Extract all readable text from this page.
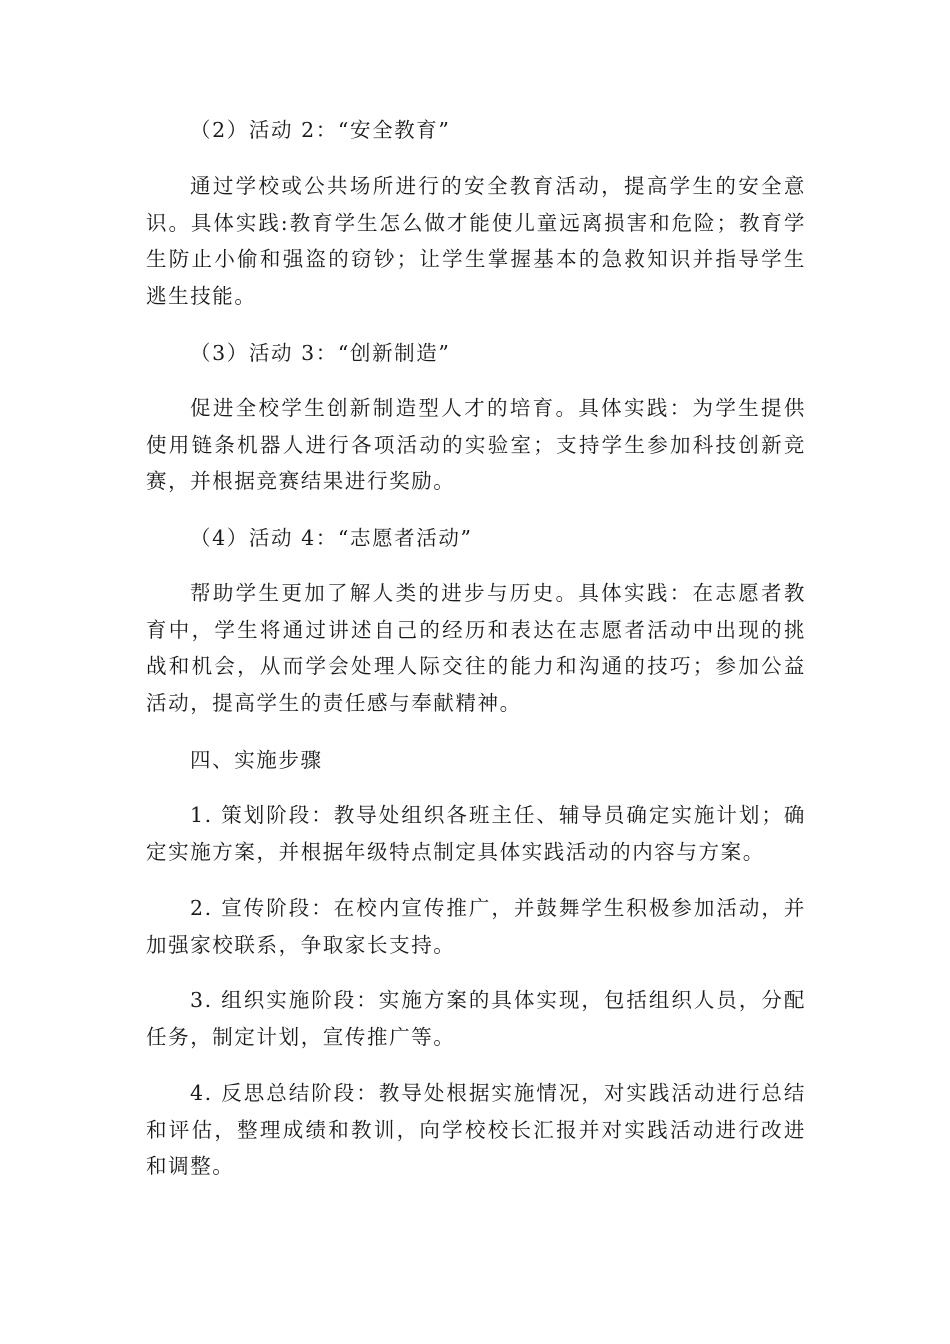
（2）活动 2：“安全教育”

通过学校或公共场所进行的安全教育活动，提高学生的安全意识。具体实践:教育学生怎么做才能使儿童远离损害和危险；教育学生防止小偷和强盗的窃钞；让学生掌握基本的急救知识并指导学生逃生技能。

（3）活动 3：“创新制造”

促进全校学生创新制造型人才的培育。具体实践：为学生提供使用链条机器人进行各项活动的实验室；支持学生参加科技创新竞赛，并根据竞赛结果进行奖励。

（4）活动 4：“志愿者活动”

帮助学生更加了解人类的进步与历史。具体实践：在志愿者教育中，学生将通过讲述自己的经历和表达在志愿者活动中出现的挑战和机会，从而学会处理人际交往的能力和沟通的技巧；参加公益活动，提高学生的责任感与奉献精神。

四、实施步骤

1. 策划阶段：教导处组织各班主任、辅导员确定实施计划；确定实施方案，并根据年级特点制定具体实践活动的内容与方案。

2. 宣传阶段：在校内宣传推广，并鼓舞学生积极参加活动，并加强家校联系，争取家长支持。

3. 组织实施阶段：实施方案的具体实现，包括组织人员，分配任务，制定计划，宣传推广等。

4. 反思总结阶段：教导处根据实施情况，对实践活动进行总结和评估，整理成绩和教训，向学校校长汇报并对实践活动进行改进和调整。
